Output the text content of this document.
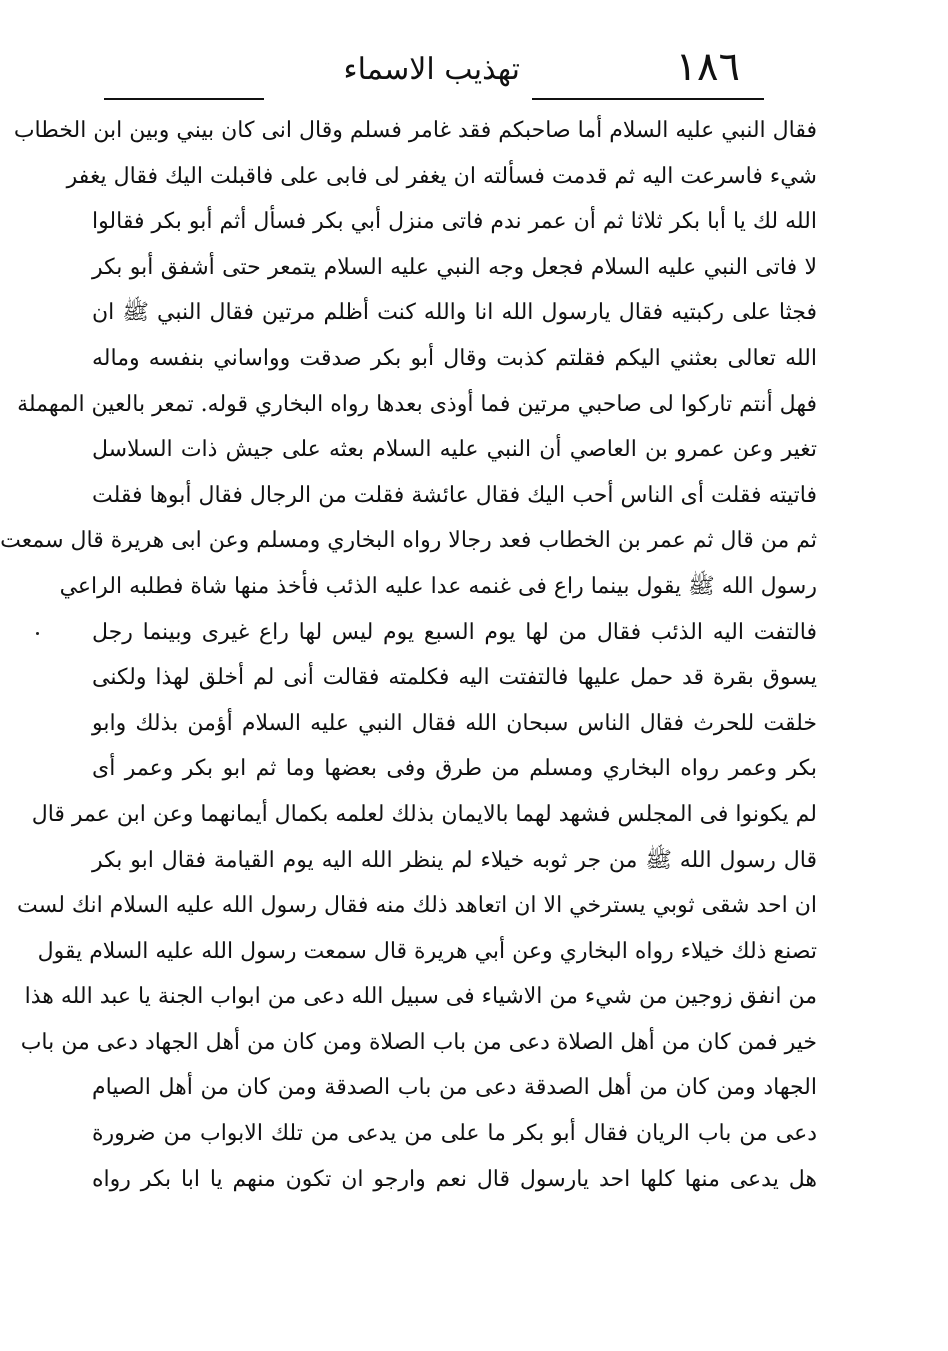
١٨٦
تهذيب الاسماء
فقال النبي عليه السلام أما صاحبكم فقد غامر فسلم وقال انى كان بيني وبين ابن الخطاب
شيء فاسرعت اليه ثم قدمت فسألته ان يغفر لى فابى على فاقبلت اليك فقال يغفر
الله لك يا أبا بكر ثلاثا ثم أن عمر ندم فاتى منزل أبي بكر فسأل أثم أبو بكر فقالوا
لا فاتى النبي عليه السلام فجعل وجه النبي عليه السلام يتمعر حتى أشفق أبو بكر
فجثا على ركبتيه فقال يارسول الله انا والله كنت أظلم مرتين فقال النبي ﷺ ان
الله تعالى بعثني اليكم فقلتم كذبت وقال أبو بكر صدقت وواساني بنفسه وماله
فهل أنتم تاركوا لى صاحبي مرتين فما أوذى بعدها رواه البخاري قوله. تمعر بالعين المهملة
تغير وعن عمرو بن العاصي أن النبي عليه السلام بعثه على جيش ذات السلاسل
فاتيته فقلت أى الناس أحب اليك فقال عائشة فقلت من الرجال فقال أبوها فقلت
ثم من قال ثم عمر بن الخطاب فعد رجالا رواه البخاري ومسلم وعن ابى هريرة قال سمعت
رسول الله ﷺ يقول بينما راع فى غنمه عدا عليه الذئب فأخذ منها شاة فطلبه الراعي
فالتفت اليه الذئب فقال من لها يوم السبع يوم ليس لها راع غيرى وبينما رجل
يسوق بقرة قد حمل عليها فالتفتت اليه فكلمته فقالت أنى لم أخلق لهذا ولكنى
خلقت للحرث فقال الناس سبحان الله فقال النبي عليه السلام أؤمن بذلك وابو
بكر وعمر رواه البخاري ومسلم من طرق وفى بعضها وما ثم ابو بكر وعمر أى
لم يكونوا فى المجلس فشهد لهما بالايمان بذلك لعلمه بكمال أيمانهما وعن ابن عمر قال
قال رسول الله ﷺ من جر ثوبه خيلاء لم ينظر الله اليه يوم القيامة فقال ابو بكر
ان احد شقى ثوبي يسترخي الا ان اتعاهد ذلك منه فقال رسول الله عليه السلام انك لست
تصنع ذلك خيلاء رواه البخاري وعن أبي هريرة قال سمعت رسول الله عليه السلام يقول
من انفق زوجين من شيء من الاشياء فى سبيل الله دعى من ابواب الجنة يا عبد الله هذا
خير فمن كان من أهل الصلاة دعى من باب الصلاة ومن كان من أهل الجهاد دعى من باب
الجهاد ومن كان من أهل الصدقة دعى من باب الصدقة ومن كان من أهل الصيام
دعى من باب الريان فقال أبو بكر ما على من يدعى من تلك الابواب من ضرورة
هل يدعى منها كلها احد يارسول قال نعم وارجو ان تكون منهم يا ابا بكر رواه
